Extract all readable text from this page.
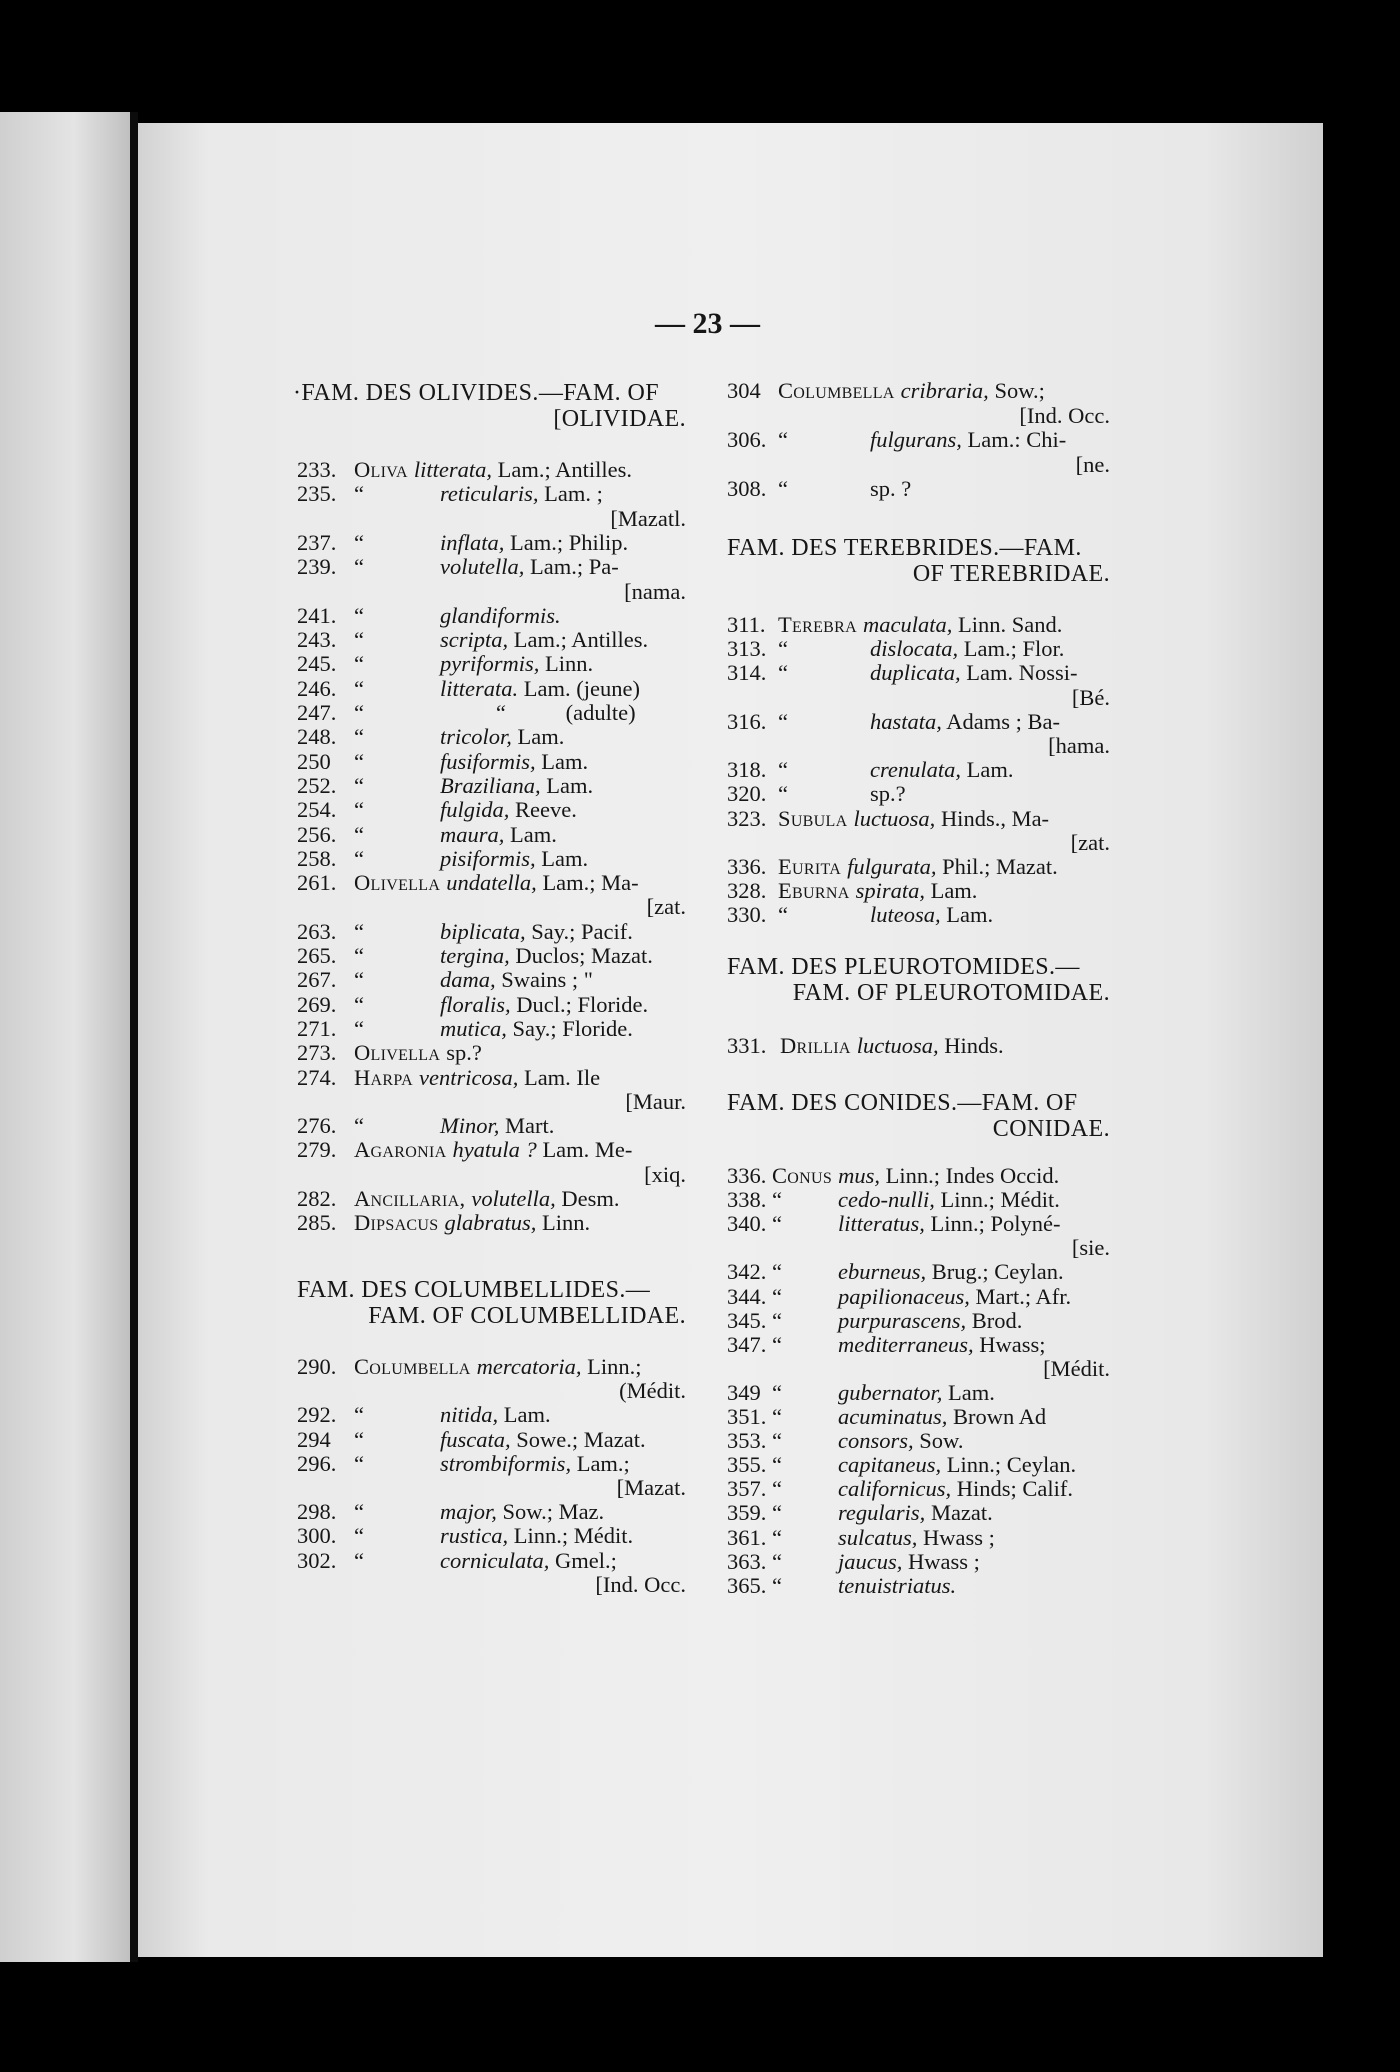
— 23 —
·FAM. DES OLIVIDES.—FAM. OF
[OLIVIDAE.
233. Oliva litterata, Lam.; Antilles.
235. “	reticularis, Lam. ;
[Mazatl.
237. “	inflata, Lam.; Philip.
239. “	volutella, Lam.; Pa-
[nama.
241. “	glandiformis.
243. “	scripta, Lam.; Antilles.
245. “	pyriformis, Linn.
246. “	litterata. Lam. (jeune)
247. “	“	(adulte)
248. “	tricolor, Lam.
250 “	fusiformis, Lam.
252. “	Braziliana, Lam.
254. “	fulgida, Reeve.
256. “	maura, Lam.
258. “	pisiformis, Lam.
261. Olivella undatella, Lam.; Ma-
[zat.
263. “	biplicata, Say.; Pacif.
265. “	tergina, Duclos; Mazat.
267. “	dama, Swains ; "
269. “	floralis, Ducl.; Floride.
271. “	mutica, Say.; Floride.
273. Olivella sp.?
274. Harpa ventricosa, Lam. Ile
[Maur.
276. “	Minor, Mart.
279. Agaronia hyatula ? Lam. Me-
[xiq.
282. Ancillaria, volutella, Desm.
285. Dipsacus glabratus, Linn.
FAM. DES COLUMBELLIDES.—
FAM. OF COLUMBELLIDAE.
290. Columbella mercatoria, Linn.;
(Médit.
292. “	nitida, Lam.
294 “	fuscata, Sowe.; Mazat.
296. “	strombiformis, Lam.;
[Mazat.
298. “	major, Sow.; Maz.
300. “	rustica, Linn.; Médit.
302. “	corniculata, Gmel.;
[Ind. Occ.
304 Columbella cribraria, Sow.;
[Ind. Occ.
306. “	fulgurans, Lam.: Chi-
[ne.
308. “	sp. ?
FAM. DES TEREBRIDES.—FAM.
OF TEREBRIDAE.
311. Terebra maculata, Linn. Sand.
313. “	dislocata, Lam.; Flor.
314. “	duplicata, Lam. Nossi-
[Bé.
316. “	hastata, Adams ; Ba-
[hama.
318. “	crenulata, Lam.
320. “	sp.?
323. Subula luctuosa, Hinds., Ma-
[zat.
336. Eurita fulgurata, Phil.; Mazat.
328. Eburna spirata, Lam.
330. “	luteosa, Lam.
FAM. DES PLEUROTOMIDES.—
FAM. OF PLEUROTOMIDAE.
331. Drillia luctuosa, Hinds.
FAM. DES CONIDES.—FAM. OF
CONIDAE.
336. Conus mus, Linn.; Indes Occid.
338. “ cedo-nulli, Linn.; Médit.
340. “ litteratus, Linn.; Polyné-
[sie.
342. “ eburneus, Brug.; Ceylan.
344. “ papilionaceus, Mart.; Afr.
345. “ purpurascens, Brod.
347. “ mediterraneus, Hwass;
[Médit.
349 “ gubernator, Lam.
351. “ acuminatus, Brown Ad
353. “ consors, Sow.
355. “ capitaneus, Linn.; Ceylan.
357. “ californicus, Hinds; Calif.
359. “ regularis, Mazat.
361. “ sulcatus, Hwass ;
363. “ jaucus, Hwass ;
365. “ tenuistriatus.
